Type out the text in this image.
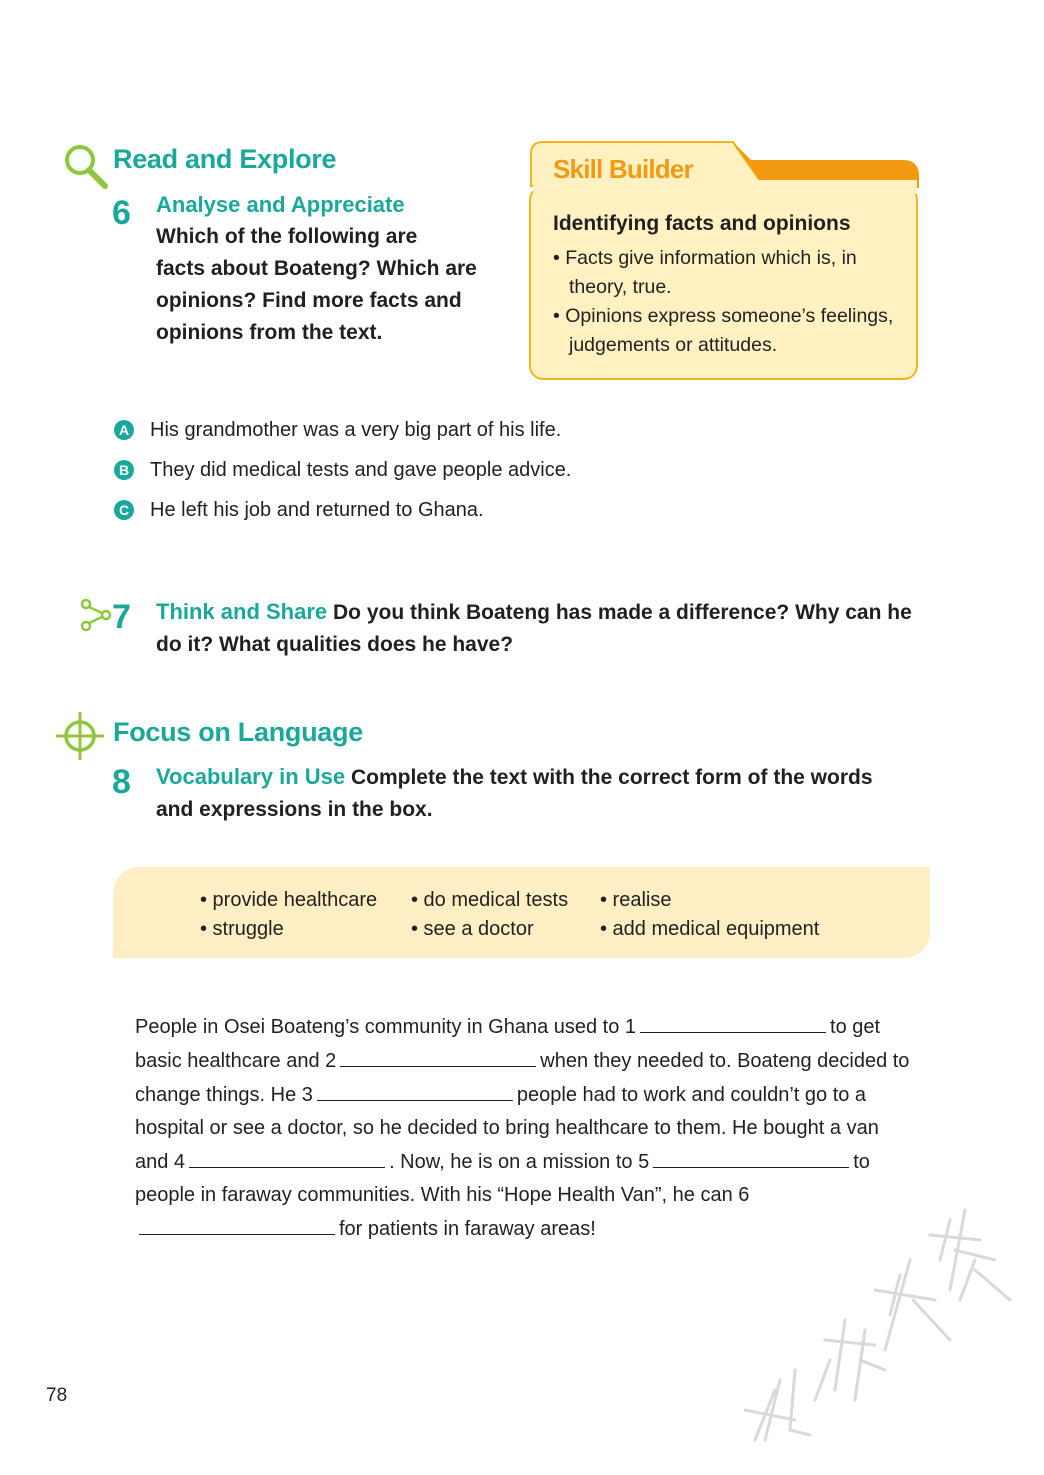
Read and Explore
6 Analyse and Appreciate
Which of the following are
facts about Boateng? Which are
opinions? Find more facts and
opinions from the text.
Skill Builder
Identifying facts and opinions
• Facts give information which is, in theory, true.
• Opinions express someone’s feelings, judgements or attitudes.
A His grandmother was a very big part of his life.
B They did medical tests and gave people advice.
C He left his job and returned to Ghana.
7 Think and Share Do you think Boateng has made a difference? Why can he
do it? What qualities does he have?
Focus on Language
8 Vocabulary in Use Complete the text with the correct form of the words
and expressions in the box.
• provide healthcare
• struggle
• do medical tests
• see a doctor
• realise
• add medical equipment
People in Osei Boateng’s community in Ghana used to 1	to get basic healthcare and 2	when they needed to. Boateng decided to change things. He 3	people had to work and couldn’t go to a hospital or see a doctor, so he decided to bring healthcare to them. He bought a van and 4	. Now, he is on a mission to 5	to people in faraway communities. With his “Hope Health Van”, he can 6for patients in faraway areas!
78
